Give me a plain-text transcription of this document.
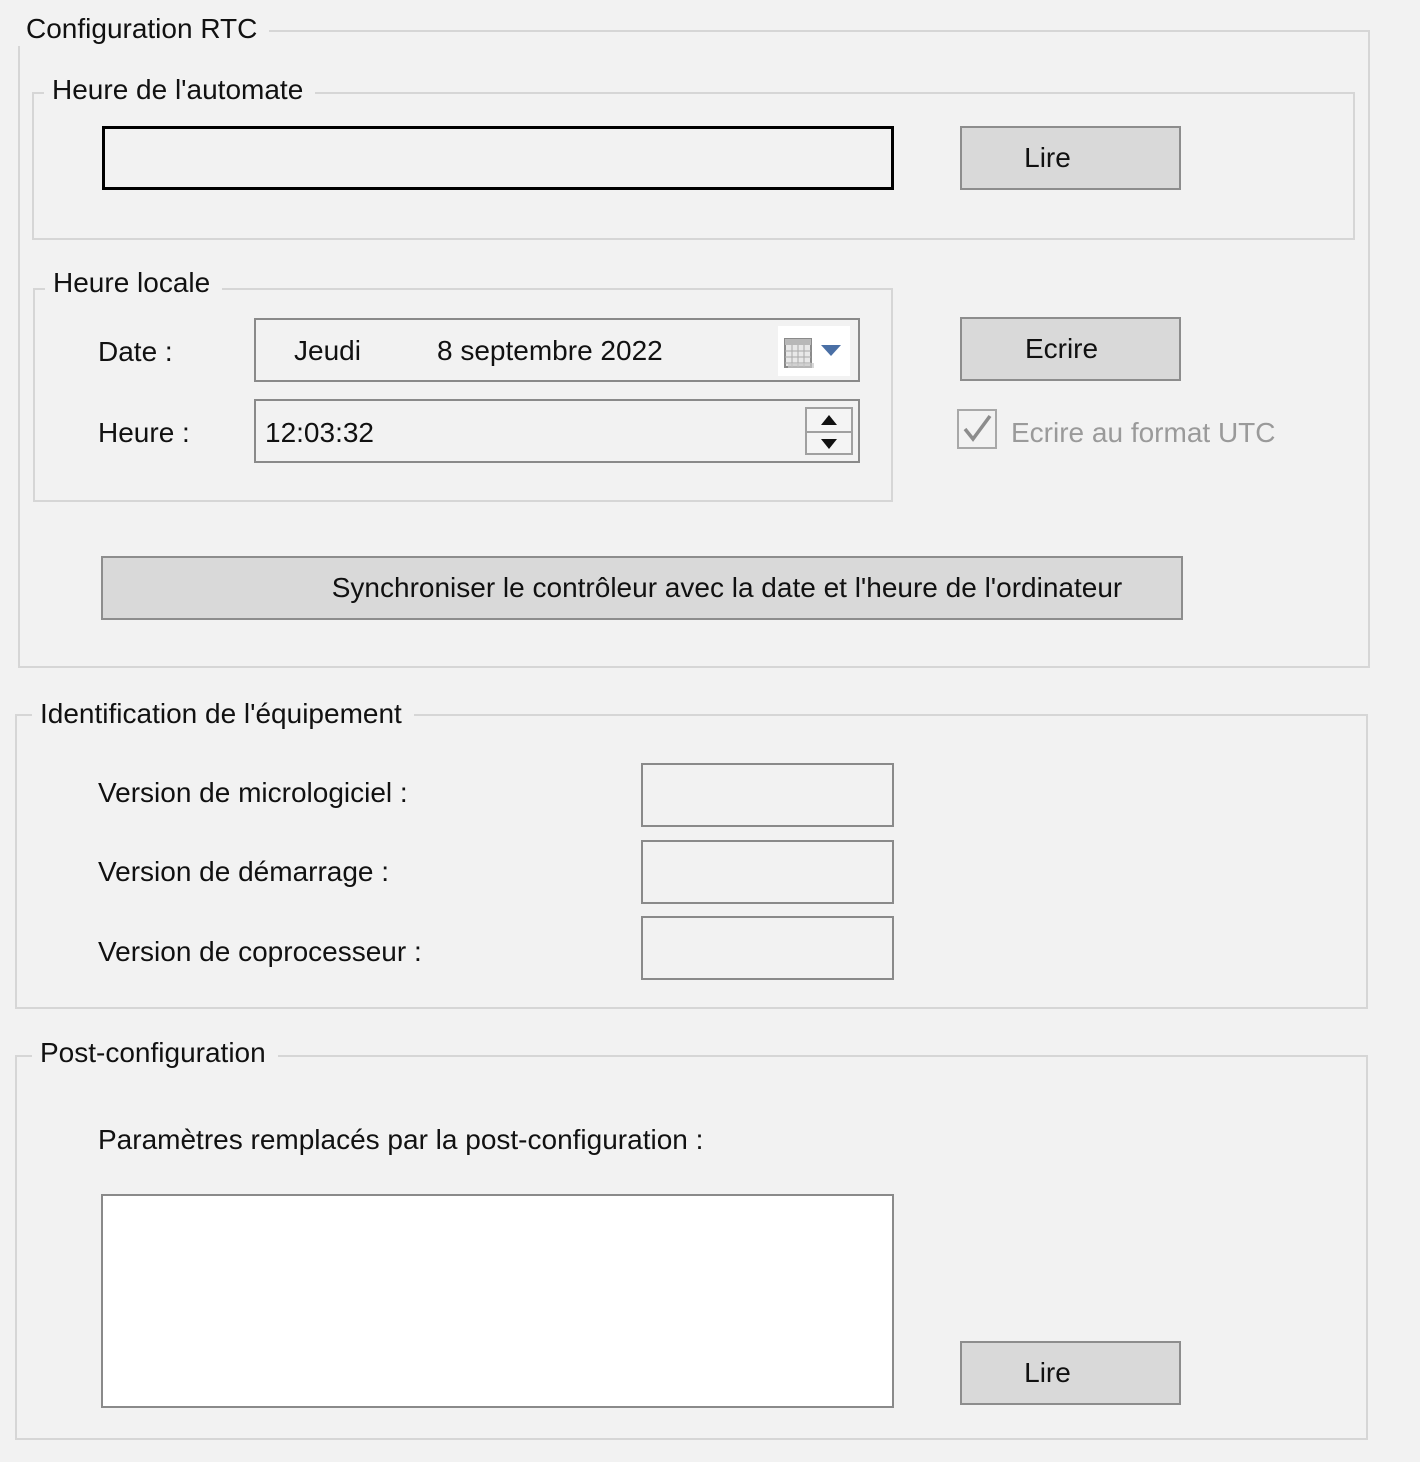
Configuration RTC
Heure de l'automate
Lire
Heure locale
Date :	Jeudi	8 septembre 2022
Heure :	12:03:32
Ecrire
Ecrire au format UTC
Synchroniser le contrôleur avec la date et l'heure de l'ordinateur
Identification de l'équipement
Version de micrologiciel :
Version de démarrage :
Version de coprocesseur :
Post-configuration
Paramètres remplacés par la post-configuration :
Lire
